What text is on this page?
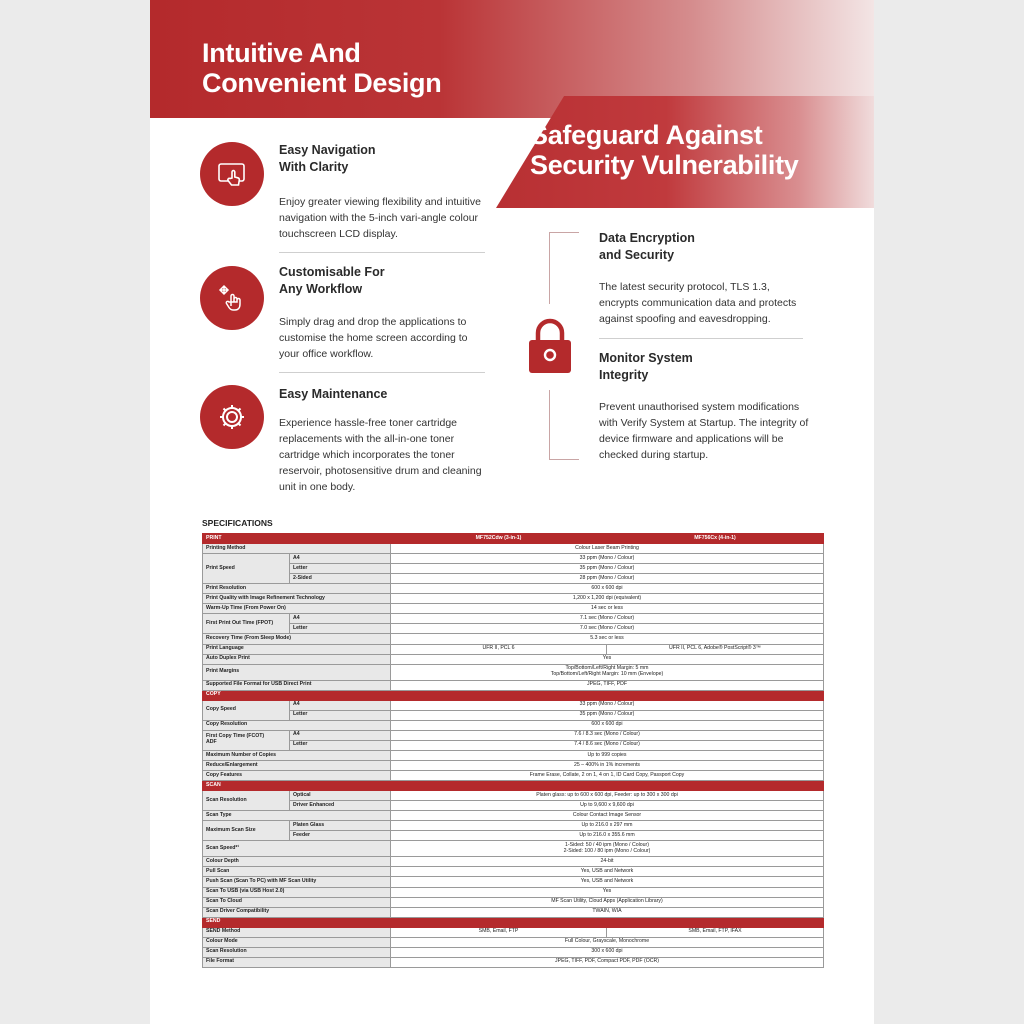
Intuitive And
Convenient Design
Safeguard Against
Security Vulnerability
Easy Navigation
With Clarity

Enjoy greater viewing flexibility and intuitive navigation with the 5-inch vari-angle colour touchscreen LCD display.

Customisable For
Any Workflow

Simply drag and drop the applications to customise the home screen according to your office workflow.

Easy Maintenance

Experience hassle-free toner cartridge replacements with the all-in-one toner cartridge which incorporates the toner reservoir, photosensitive drum and cleaning unit in one body.

Data Encryption
and Security

The latest security protocol, TLS 1.3, encrypts communication data and protects against spoofing and eavesdropping.

Monitor System
Integrity

Prevent unauthorised system modifications with Verify System at Startup. The integrity of device firmware and applications will be checked during startup.

SPECIFICATIONS
PRINT		MF752Cdw (3-in-1)	MF756Cx (4-in-1)
Printing Method		Colour Laser Beam Printing	
Print Speed	A4	33 ppm (Mono / Colour)	
	Letter	35 ppm (Mono / Colour)	
	2-Sided	28 ppm (Mono / Colour)	
Print Resolution		600 x 600 dpi	
Print Quality with Image Refinement Technology		1,200 x 1,200 dpi (equivalent)	
Warm-Up Time (From Power On)		14 sec or less	
First Print Out Time (FPOT)	A4	7.1 sec (Mono / Colour)	
	Letter	7.0 sec (Mono / Colour)	
Recovery Time (From Sleep Mode)		5.3 sec or less	
Print Language		UFR II, PCL 6	UFR II, PCL 6, Adobe® PostScript® 3™
Auto Duplex Print		Yes	
Print Margins		Top/Bottom/Left/Right Margin: 5 mm
Top/Bottom/Left/Right Margin: 10 mm (Envelope)	

Supported File Format for USB Direct Print		JPEG, TIFF, PDF	
COPY			
Copy Speed	A4	33 ppm (Mono / Colour)	
	Letter	35 ppm (Mono / Colour)	
Copy Resolution		600 x 600 dpi	

First Copy Time (FCOT)
ADF	A4	7.6 / 8.3 sec (Mono / Colour)	
	Letter	7.4 / 8.6 sec (Mono / Colour)	
Maximum Number of Copies		Up to 999 copies	
Reduce/Enlargement		25 – 400% in 1% increments	
Copy Features		Frame Erase, Collate, 2 on 1, 4 on 1, ID Card Copy, Passport Copy	
SCAN			
Scan Resolution	Optical	Platen glass: up to 600 x 600 dpi, Feeder: up to 300 x 300 dpi	
	Driver Enhanced	Up to 9,600 x 9,600 dpi	
Scan Type		Colour Contact Image Sensor	
Maximum Scan Size	Platen Glass	Up to 216.0 x 297 mm	
	Feeder	Up to 216.0 x 355.6 mm	
Scan Speed*¹		1-Sided: 50 / 40 ipm (Mono / Colour)
2-Sided: 100 / 80 ipm (Mono / Colour)	

Colour Depth		24-bit	
Pull Scan		Yes, USB and Network	
Push Scan (Scan To PC) with MF Scan Utility		Yes, USB and Network	
Scan To USB (via USB Host 2.0)		Yes	
Scan To Cloud		MF Scan Utility, Cloud Apps (Application Library)	
Scan Driver Compatibility		TWAIN, WIA	
SEND			
SEND Method		SMB, Email, FTP	SMB, Email, FTP, IFAX
Colour Mode		Full Colour, Grayscale, Monochrome	
Scan Resolution		300 x 600 dpi	
File Format		JPEG, TIFF, PDF, Compact PDF, PDF (OCR)	
